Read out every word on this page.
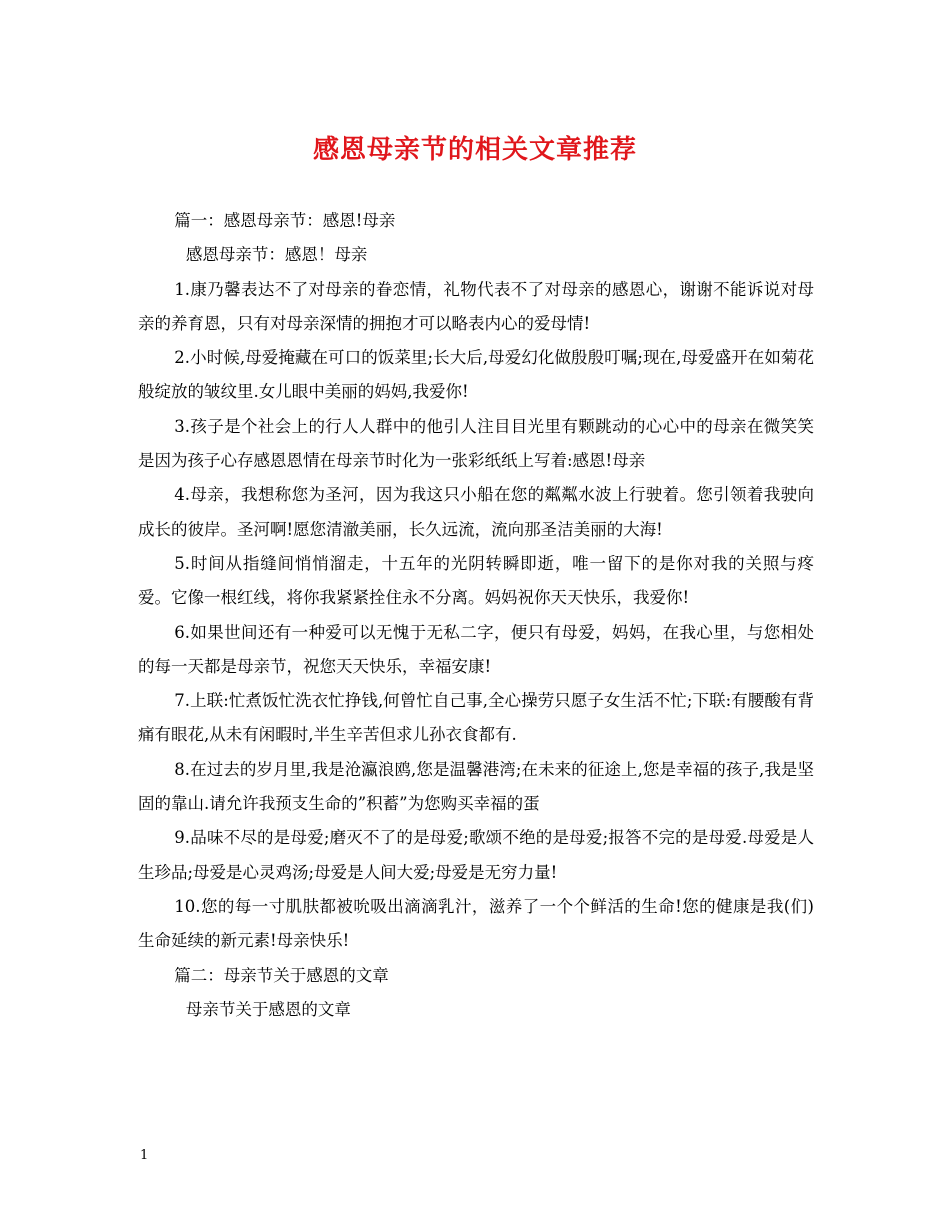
感恩母亲节的相关文章推荐

篇一：感恩母亲节：感恩!母亲

感恩母亲节：感恩！母亲

1.康乃馨表达不了对母亲的眷恋情，礼物代表不了对母亲的感恩心，谢谢不能诉说对母亲的养育恩，只有对母亲深情的拥抱才可以略表内心的爱母情!

2.小时候,母爱掩藏在可口的饭菜里;长大后,母爱幻化做殷殷叮嘱;现在,母爱盛开在如菊花般绽放的皱纹里.女儿眼中美丽的妈妈,我爱你!

3.孩子是个社会上的行人人群中的他引人注目目光里有颗跳动的心心中的母亲在微笑笑是因为孩子心存感恩恩情在母亲节时化为一张彩纸纸上写着:感恩!母亲

4.母亲，我想称您为圣河，因为我这只小船在您的粼粼水波上行驶着。您引领着我驶向成长的彼岸。圣河啊!愿您清澈美丽，长久远流，流向那圣洁美丽的大海!

5.时间从指缝间悄悄溜走，十五年的光阴转瞬即逝，唯一留下的是你对我的关照与疼爱。它像一根红线，将你我紧紧拴住永不分离。妈妈祝你天天快乐，我爱你!

6.如果世间还有一种爱可以无愧于无私二字，便只有母爱，妈妈，在我心里，与您相处的每一天都是母亲节，祝您天天快乐，幸福安康!

7.上联:忙煮饭忙洗衣忙挣钱,何曾忙自己事,全心操劳只愿子女生活不忙;下联:有腰酸有背痛有眼花,从未有闲暇时,半生辛苦但求儿孙衣食都有.

8.在过去的岁月里,我是沧瀛浪鸥,您是温馨港湾;在未来的征途上,您是幸福的孩子,我是坚固的靠山.请允许我预支生命的”积蓄”为您购买幸福的蛋

9.品味不尽的是母爱;磨灭不了的是母爱;歌颂不绝的是母爱;报答不完的是母爱.母爱是人生珍品;母爱是心灵鸡汤;母爱是人间大爱;母爱是无穷力量!

10.您的每一寸肌肤都被吮吸出滴滴乳汁，滋养了一个个鲜活的生命!您的健康是我(们)生命延续的新元素!母亲快乐!

篇二：母亲节关于感恩的文章

母亲节关于感恩的文章

1
